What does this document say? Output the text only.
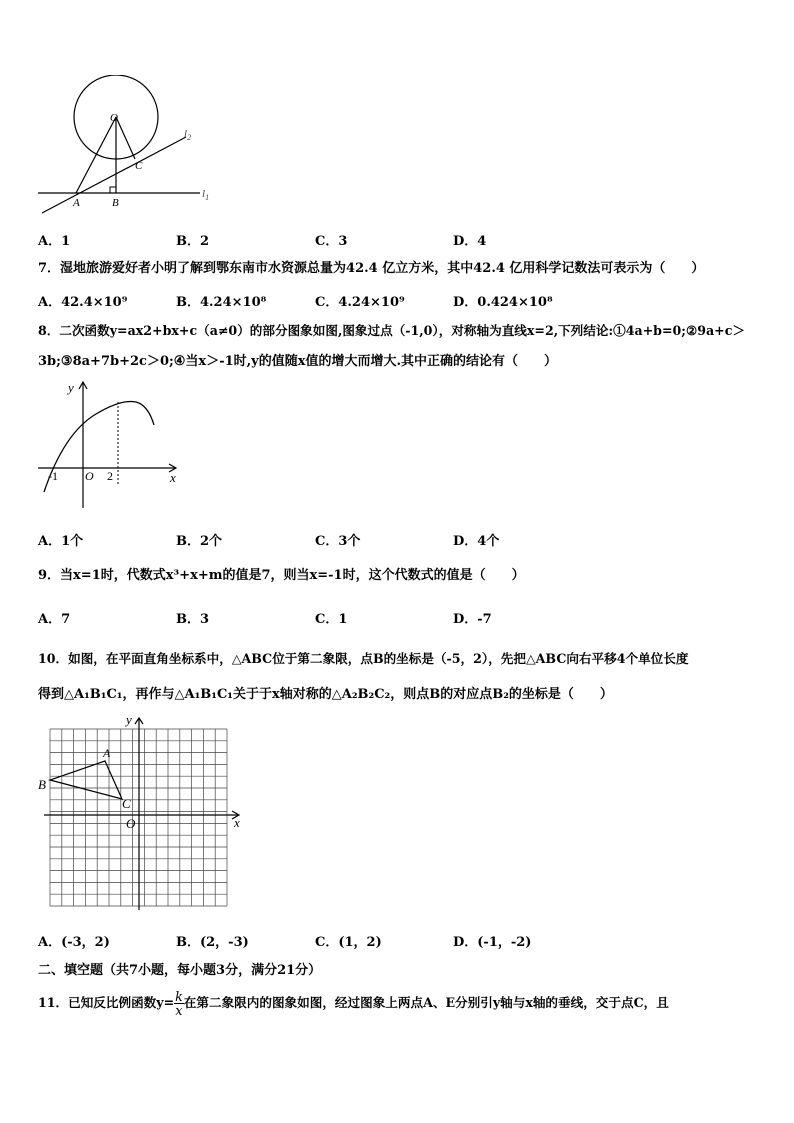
O
A	B
C
$l_1$
$l_2$
A．1	B．2	C．3	D．4
7．湿地旅游爱好者小明了解到鄂东南市水资源总量为42.4 亿立方米，其中42.4 亿用科学记数法可表示为（　　）
A．42.4×10⁹	B．4.24×10⁸	C．4.24×10⁹	D．0.424×10⁸
8．二次函数y=ax2+bx+c（a≠0）的部分图象如图,图象过点（-1,0），对称轴为直线x=2,下列结论:①4a+b=0;②9a+c＞
3b;③8a+7b+2c＞0;④当x＞-1时,y的值随x值的增大而增大.其中正确的结论有（　　）
y
x
-1 O 2
A．1个	B．2个	C．3个	D．4个
9．当x=1时，代数式x³+x+m的值是7，则当x=-1时，这个代数式的值是（　　）
A．7	B．3	C．1	D．-7
10．如图，在平面直角坐标系中，△ABC位于第二象限，点B的坐标是（-5，2），先把△ABC向右平移4个单位长度
得到△A₁B₁C₁，再作与△A₁B₁C₁关于于x轴对称的△A₂B₂C₂，则点B的对应点B₂的坐标是（　　）
y
x
O
A
B
C
A．(-3，2)	B．(2，-3)	C．(1，2)	D．(-1，-2)
二、填空题（共7小题，每小题3分，满分21分）
11．已知反比例函数$y= \frac{k}{x}$ 在第二象限内的图象如图，经过图象上两点A、E分别引y轴与x轴的垂线，交于点C，且
